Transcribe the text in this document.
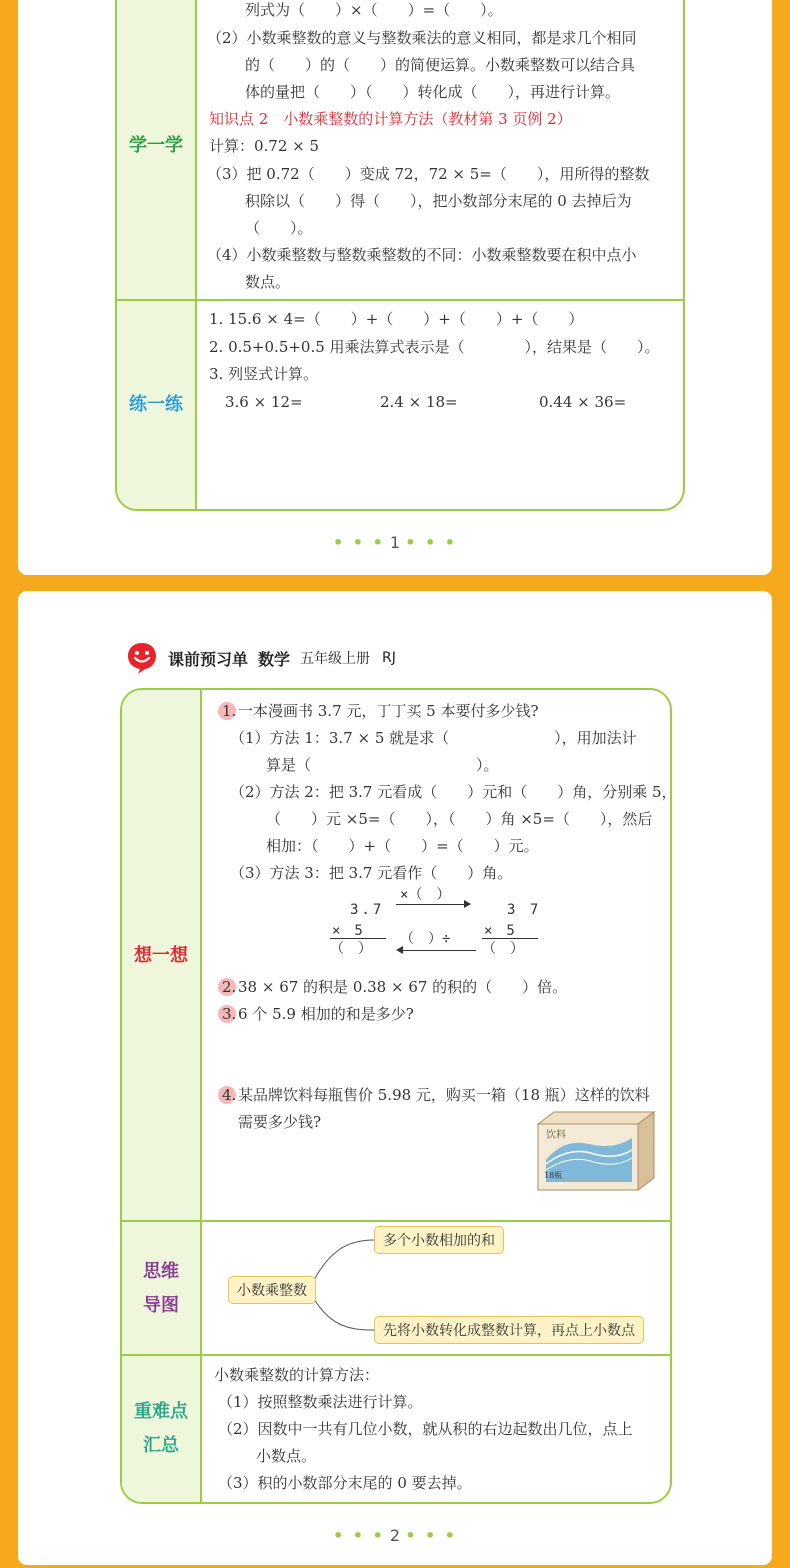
学一学
练一练
列式为（　　）×（　　）=（　　）。
（2）小数乘整数的意义与整数乘法的意义相同，都是求几个相同
的（　　）的（　　）的简便运算。小数乘整数可以结合具
体的量把（　　）（　　）转化成（　　），再进行计算。
知识点 2　小数乘整数的计算方法（教材第 3 页例 2）
计算：0.72 × 5
（3）把 0.72（　　）变成 72，72 × 5=（　　），用所得的整数
积除以（　　）得（　　），把小数部分末尾的 0 去掉后为
（　　）。
（4）小数乘整数与整数乘整数的不同：小数乘整数要在积中点小
数点。
1. 15.6 × 4=（　　）+（　　）+（　　）+（　　）
2. 0.5+0.5+0.5 用乘法算式表示是（　　　　），结果是（　　）。
3. 列竖式计算。
3.6 × 12=	2.4 × 18=	0.44 × 36=
• • • 1 • • •
课前预习单 数学 五年级上册 RJ
想一想
思维
导图
重难点
汇总
1. 一本漫画书 3.7 元，丁丁买 5 本要付多少钱?
（1）方法 1：3.7 × 5 就是求（　　　　　　　），用加法计
算是（　　　　　　　　　　　）。
（2）方法 2：把 3.7 元看成（　　）元和（　　）角，分别乘 5，
（　　）元 ×5=（　　），（　　）角 ×5=（　　），然后
相加：（　　）+（　　）=（　　）元。
（3）方法 3：把 3.7 元看作（　　）角。
3.7
×　5
（　）
×（　）
（　）÷
3 7
×　5
（　）
2. 38 × 67 的积是 0.38 × 67 的积的（　　）倍。
3. 6 个 5.9 相加的和是多少?
4. 某品牌饮料每瓶售价 5.98 元，购买一箱（18 瓶）这样的饮料
需要多少钱?
饮料
18瓶
小数乘整数
多个小数相加的和
先将小数转化成整数计算，再点上小数点
小数乘整数的计算方法：
（1）按照整数乘法进行计算。
（2）因数中一共有几位小数，就从积的右边起数出几位，点上
小数点。
（3）积的小数部分末尾的 0 要去掉。
• • • 2 • • •
